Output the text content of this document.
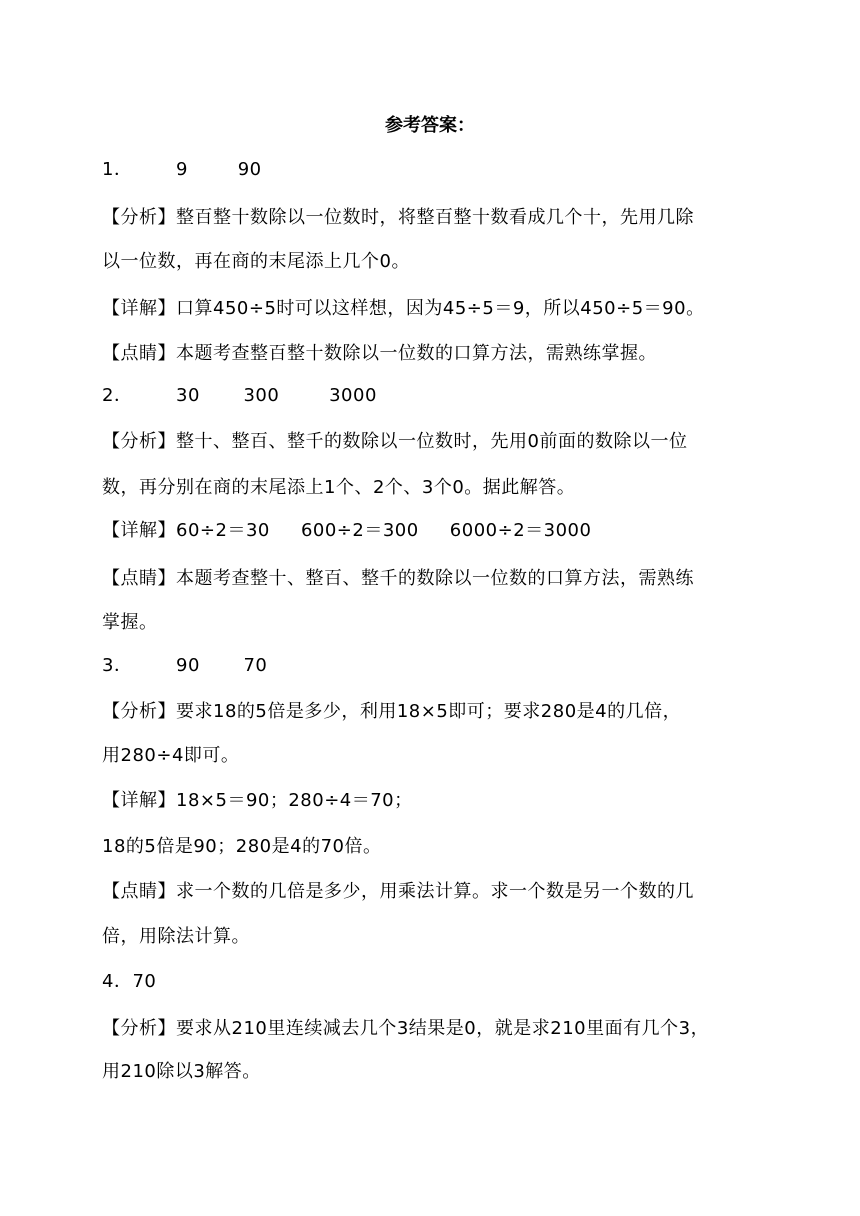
参考答案：
1．       9        90
【分析】整百整十数除以一位数时，将整百整十数看成几个十，先用几除
以一位数，再在商的末尾添上几个0。
【详解】口算450÷5时可以这样想，因为45÷5＝9，所以450÷5＝90。
【点睛】本题考查整百整十数除以一位数的口算方法，需熟练掌握。
2．       30       300        3000
【分析】整十、整百、整千的数除以一位数时，先用0前面的数除以一位
数，再分别在商的末尾添上1个、2个、3个0。据此解答。
【详解】60÷2＝30     600÷2＝300     6000÷2＝3000
【点睛】本题考查整十、整百、整千的数除以一位数的口算方法，需熟练
掌握。
3．       90       70
【分析】要求18的5倍是多少，利用18×5即可；要求280是4的几倍，
用280÷4即可。
【详解】18×5＝90；280÷4＝70；
18的5倍是90；280是4的70倍。
【点睛】求一个数的几倍是多少，用乘法计算。求一个数是另一个数的几
倍，用除法计算。
4．70
【分析】要求从210里连续减去几个3结果是0，就是求210里面有几个3，
用210除以3解答。
